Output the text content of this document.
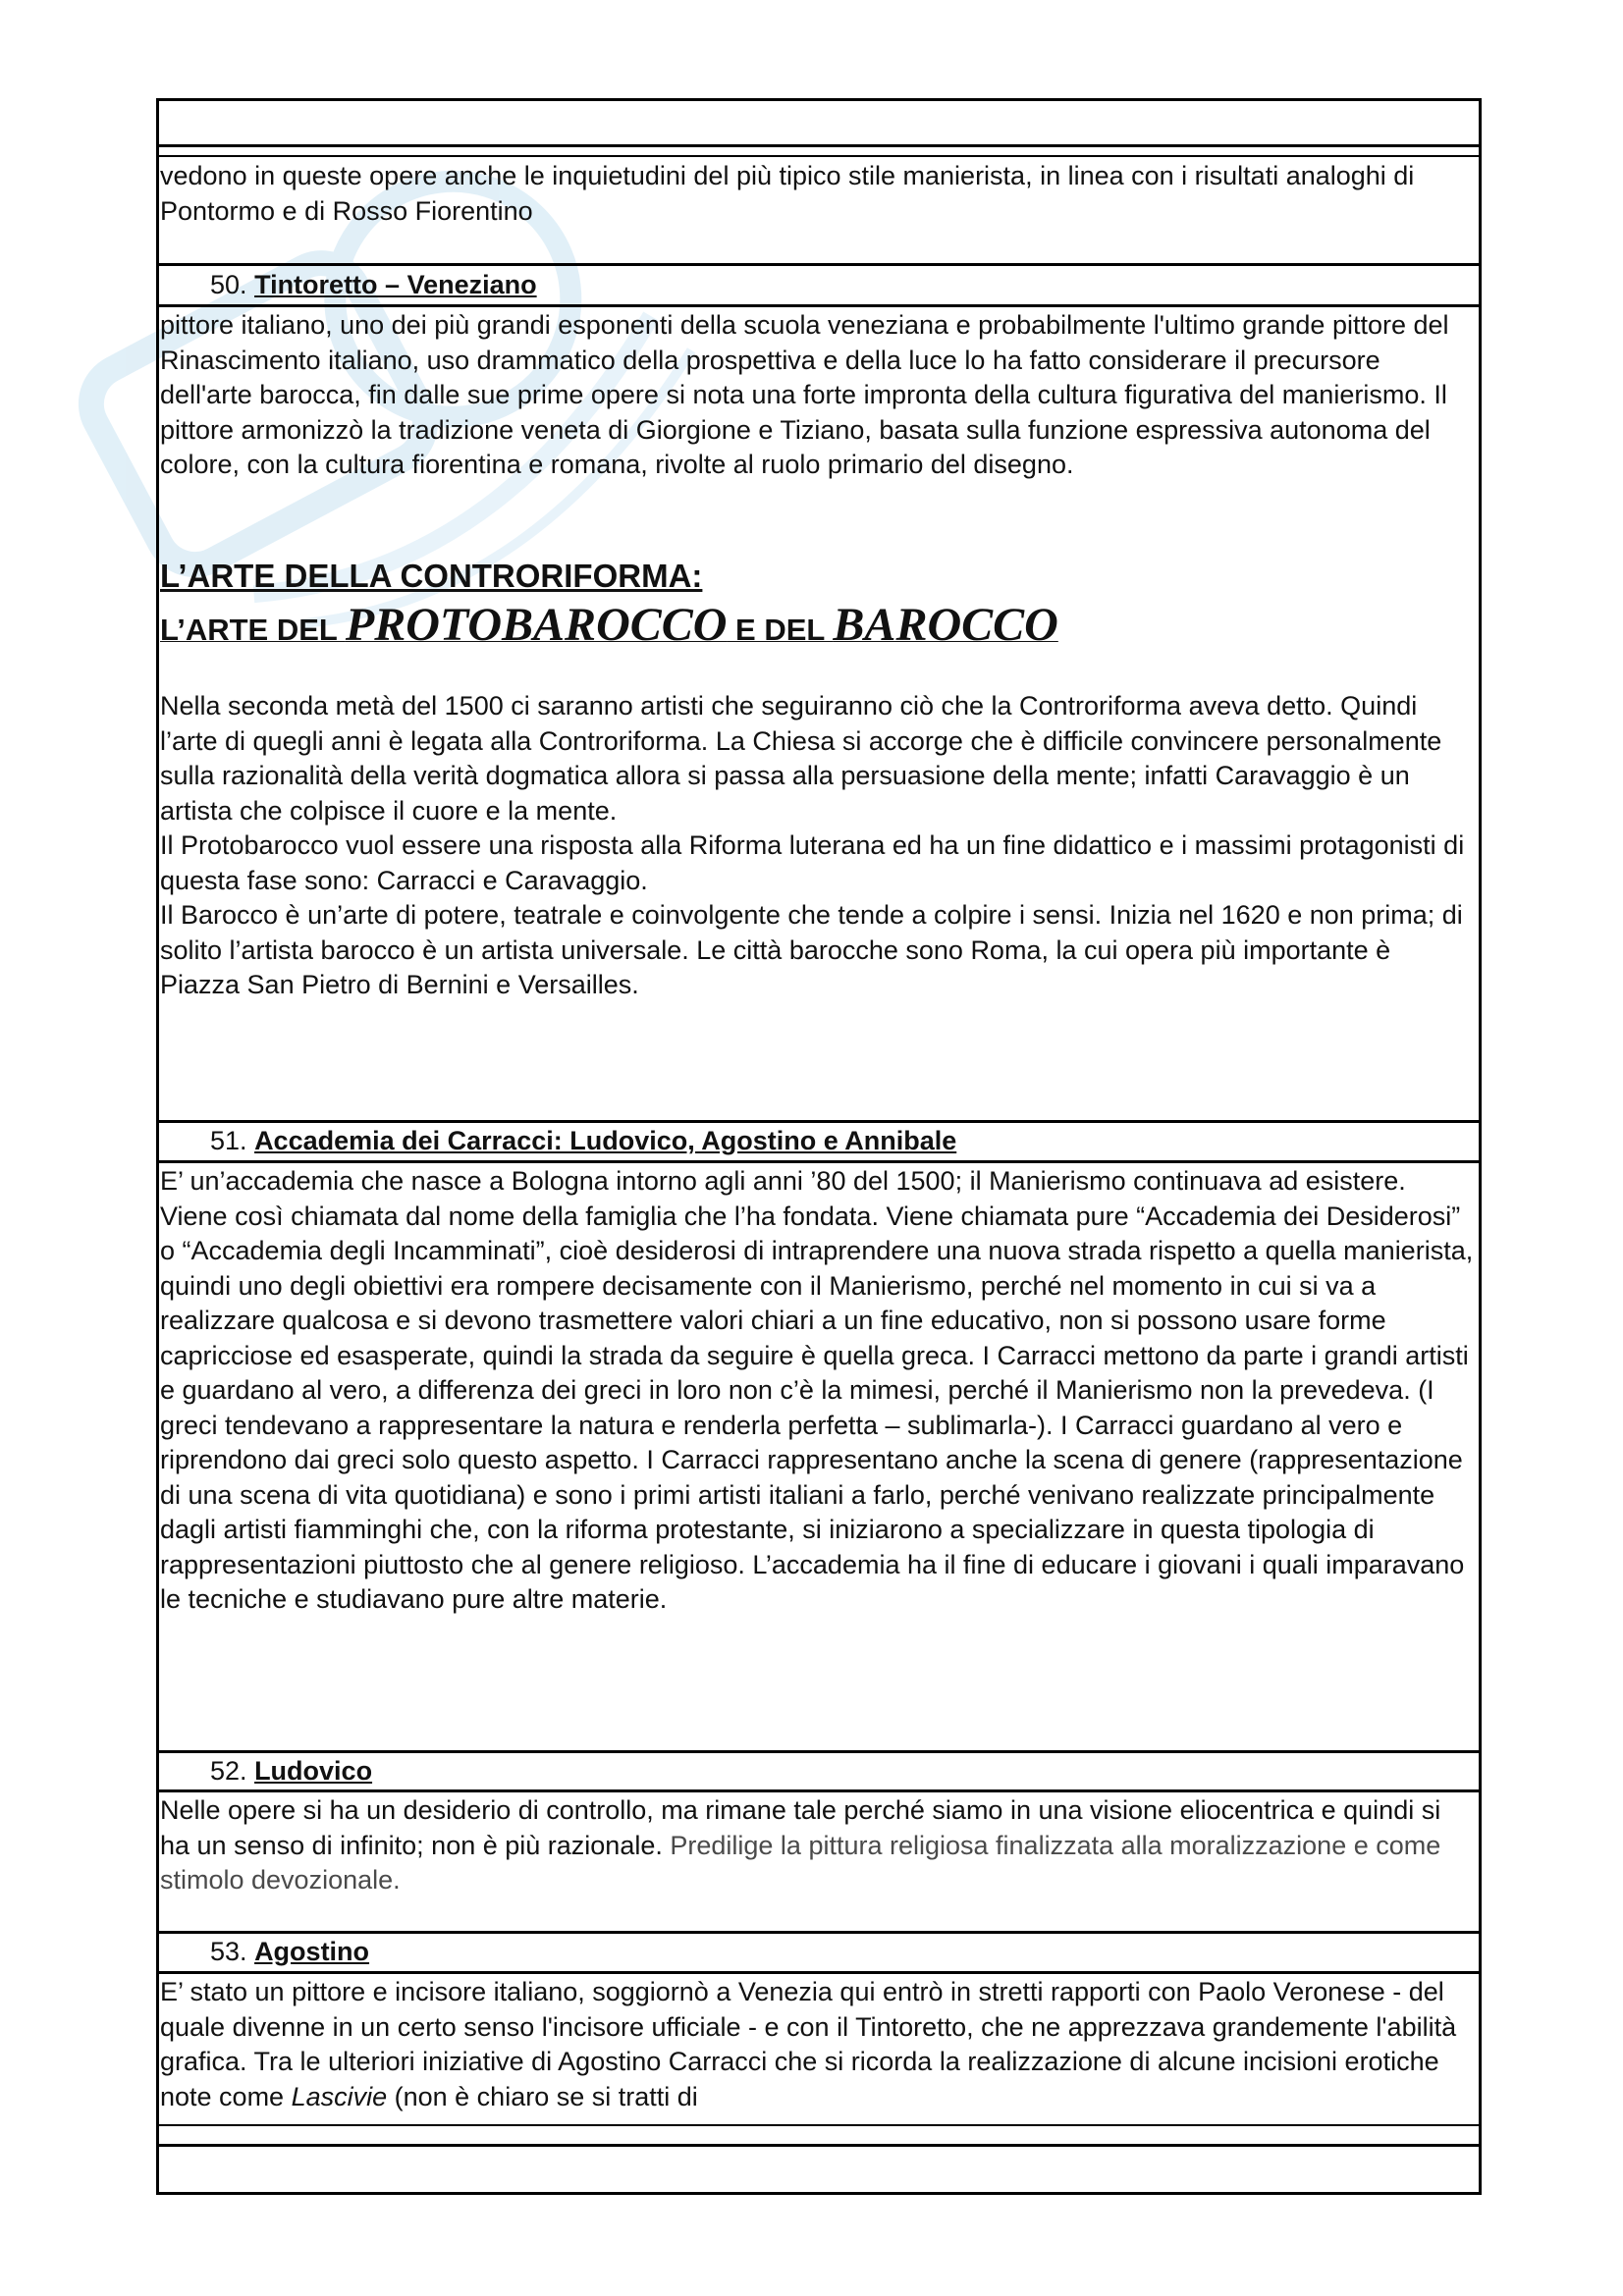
vedono in queste opere anche le inquietudini del più tipico stile manierista, in linea con i risultati analoghi di Pontormo e di Rosso Fiorentino

50. Tintoretto – Veneziano

pittore italiano, uno dei più grandi esponenti della scuola veneziana e probabilmente l'ultimo grande pittore del Rinascimento italiano, uso drammatico della prospettiva e della luce lo ha fatto considerare il precursore dell'arte barocca, fin dalle sue prime opere si nota una forte impronta della cultura figurativa del manierismo. Il pittore armonizzò la tradizione veneta di Giorgione e Tiziano, basata sulla funzione espressiva autonoma del colore, con la cultura fiorentina e romana, rivolte al ruolo primario del disegno.

L’ARTE DELLA CONTRORIFORMA:
L’ARTE DEL PROTOBAROCCO E DEL BAROCCO

Nella seconda metà del 1500 ci saranno artisti che seguiranno ciò che la Controriforma aveva detto. Quindi l’arte di quegli anni è legata alla Controriforma. La Chiesa si accorge che è difficile convincere personalmente sulla razionalità della verità dogmatica allora si passa alla persuasione della mente; infatti Caravaggio è un artista che colpisce il cuore e la mente.

Il Protobarocco vuol essere una risposta alla Riforma luterana ed ha un fine didattico e i massimi protagonisti di questa fase sono: Carracci e Caravaggio.

Il Barocco è un’arte di potere, teatrale e coinvolgente che tende a colpire i sensi. Inizia nel 1620 e non prima; di solito l’artista barocco è un artista universale. Le città barocche sono Roma, la cui opera più importante è Piazza San Pietro di Bernini e Versailles.

51. Accademia dei Carracci: Ludovico, Agostino e Annibale

E’ un’accademia che nasce a Bologna intorno agli anni ’80 del 1500; il Manierismo continuava ad esistere. Viene così chiamata dal nome della famiglia che l’ha fondata. Viene chiamata pure “Accademia dei Desiderosi” o “Accademia degli Incamminati”, cioè desiderosi di intraprendere una nuova strada rispetto a quella manierista, quindi uno degli obiettivi era rompere decisamente con il Manierismo, perché nel momento in cui si va a realizzare qualcosa e si devono trasmettere valori chiari a un fine educativo, non si possono usare forme capricciose ed esasperate, quindi la strada da seguire è quella greca. I Carracci mettono da parte i grandi artisti e guardano al vero, a differenza dei greci in loro non c’è la mimesi, perché il Manierismo non la prevedeva. (I greci tendevano a rappresentare la natura e renderla perfetta – sublimarla-). I Carracci guardano al vero e riprendono dai greci solo questo aspetto. I Carracci rappresentano anche la scena di genere (rappresentazione di una scena di vita quotidiana) e sono i primi artisti italiani a farlo, perché venivano realizzate principalmente dagli artisti fiamminghi che, con la riforma protestante, si iniziarono a specializzare in questa tipologia di rappresentazioni piuttosto che al genere religioso. L’accademia ha il fine di educare i giovani i quali imparavano le tecniche e studiavano pure altre materie.

52. Ludovico

Nelle opere si ha un desiderio di controllo, ma rimane tale perché siamo in una visione eliocentrica e quindi si ha un senso di infinito; non è più razionale. Predilige la pittura religiosa finalizzata alla moralizzazione e come stimolo devozionale.

53. Agostino

E’ stato un pittore e incisore italiano, soggiornò a Venezia qui entrò in stretti rapporti con Paolo Veronese - del quale divenne in un certo senso l'incisore ufficiale - e con il Tintoretto, che ne apprezzava grandemente l'abilità grafica. Tra le ulteriori iniziative di Agostino Carracci che si ricorda la realizzazione di alcune incisioni erotiche note come Lascivie (non è chiaro se si tratti di
